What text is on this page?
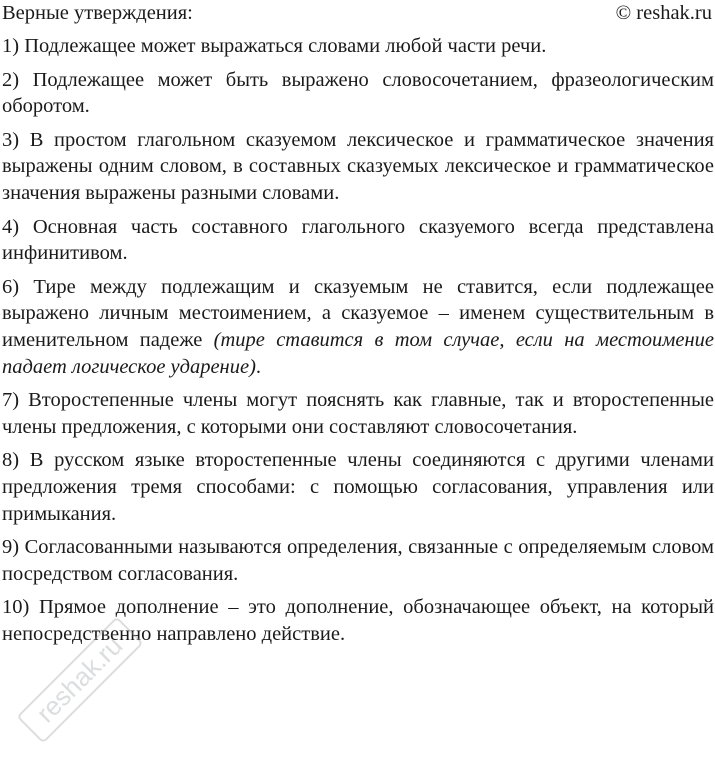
Верные утверждения:	© reshak.ru

1) Подлежащее может выражаться словами любой части речи.

2) Подлежащее может быть выражено словосочетанием, фразеологическим оборотом.

3) В простом глагольном сказуемом лексическое и грамматическое значения выражены одним словом, в составных сказуемых лексическое и грамматическое значения выражены разными словами.

4) Основная часть составного глагольного сказуемого всегда представлена инфинитивом.

6) Тире между подлежащим и сказуемым не ставится, если подлежащее выражено личным местоимением, а сказуемое – именем существительным в именительном падеже (тире ставится в том случае, если на местоимение падает логическое ударение).

7) Второстепенные члены могут пояснять как главные, так и второстепенные члены предложения, с которыми они составляют словосочетания.

8) В русском языке второстепенные члены соединяются с другими членами предложения тремя способами: с помощью согласования, управления или примыкания.

9) Согласованными называются определения, связанные с определяемым словом посредством согласования.

10) Прямое дополнение – это дополнение, обозначающее объект, на который непосредственно направлено действие.

reshak.ru
